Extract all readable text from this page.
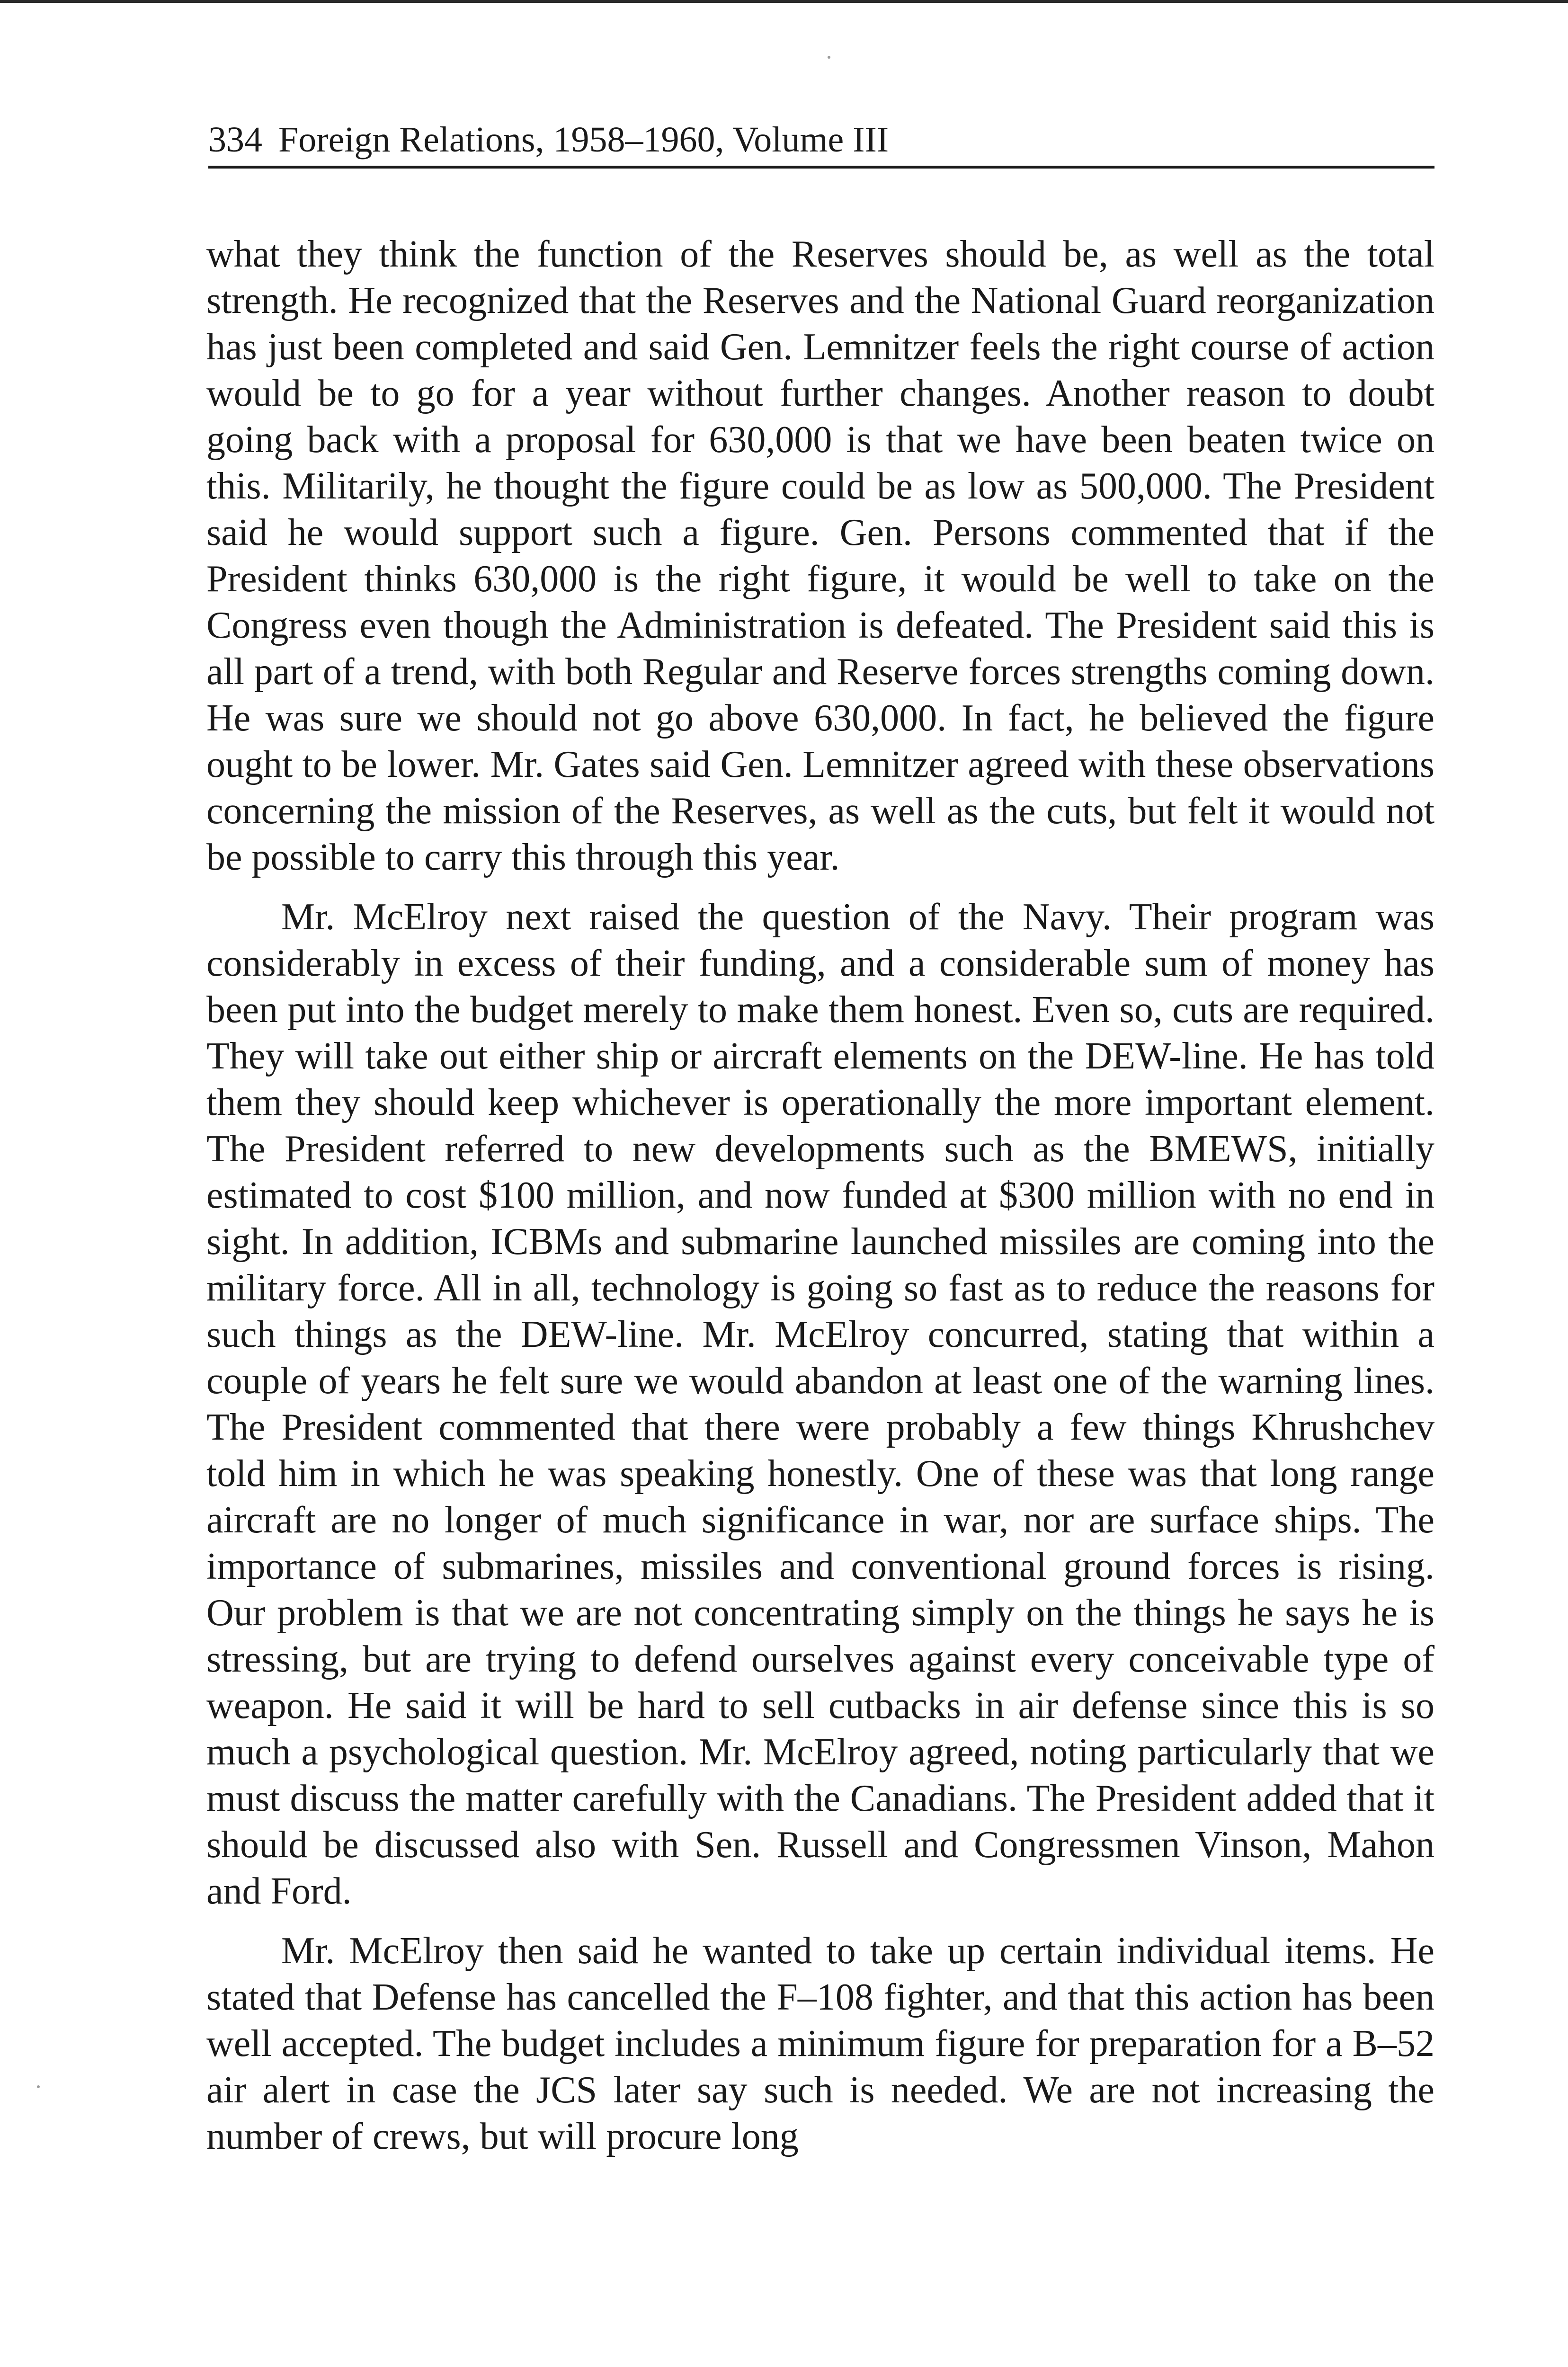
334 Foreign Relations, 1958–1960, Volume III

what they think the function of the Reserves should be, as well as the total strength. He recognized that the Reserves and the National Guard reorganization has just been completed and said Gen. Lemnitzer feels the right course of action would be to go for a year without further changes. Another reason to doubt going back with a proposal for 630,000 is that we have been beaten twice on this. Militarily, he thought the figure could be as low as 500,000. The President said he would support such a figure. Gen. Persons commented that if the President thinks 630,000 is the right figure, it would be well to take on the Congress even though the Administration is defeated. The President said this is all part of a trend, with both Regular and Reserve forces strengths coming down. He was sure we should not go above 630,000. In fact, he believed the figure ought to be lower. Mr. Gates said Gen. Lemnitzer agreed with these observations concerning the mission of the Reserves, as well as the cuts, but felt it would not be possible to carry this through this year.

Mr. McElroy next raised the question of the Navy. Their program was considerably in excess of their funding, and a considerable sum of money has been put into the budget merely to make them honest. Even so, cuts are required. They will take out either ship or aircraft elements on the DEW-line. He has told them they should keep whichever is operationally the more important element. The President referred to new developments such as the BMEWS, initially estimated to cost $100 million, and now funded at $300 million with no end in sight. In addition, ICBMs and submarine launched missiles are coming into the military force. All in all, technology is going so fast as to reduce the reasons for such things as the DEW-line. Mr. McElroy concurred, stating that within a couple of years he felt sure we would abandon at least one of the warning lines. The President commented that there were probably a few things Khrushchev told him in which he was speaking honestly. One of these was that long range aircraft are no longer of much significance in war, nor are surface ships. The importance of submarines, missiles and conventional ground forces is rising. Our problem is that we are not concentrating simply on the things he says he is stressing, but are trying to defend ourselves against every conceivable type of weapon. He said it will be hard to sell cutbacks in air defense since this is so much a psychological question. Mr. McElroy agreed, noting particularly that we must discuss the matter carefully with the Canadians. The President added that it should be discussed also with Sen. Russell and Congressmen Vinson, Mahon and Ford.

Mr. McElroy then said he wanted to take up certain individual items. He stated that Defense has cancelled the F–108 fighter, and that this action has been well accepted. The budget includes a minimum figure for preparation for a B–52 air alert in case the JCS later say such is needed. We are not increasing the number of crews, but will procure long
